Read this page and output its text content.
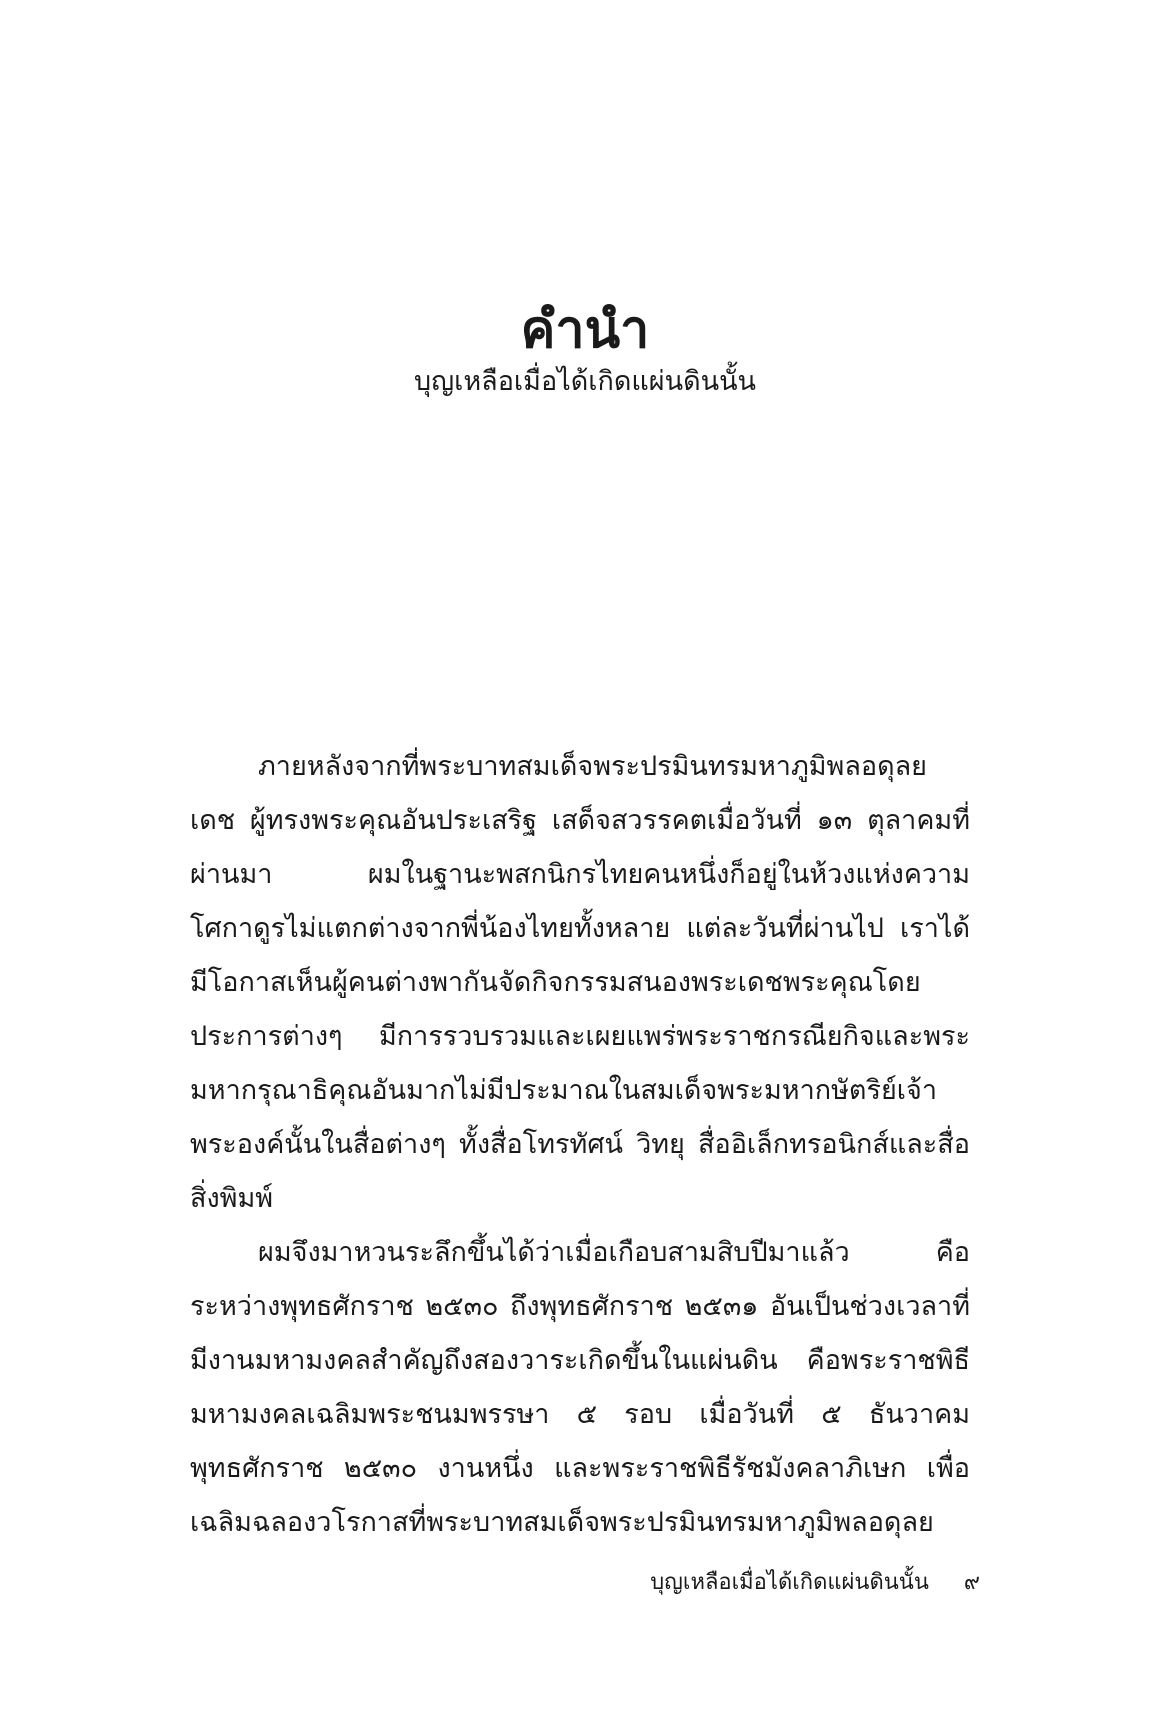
คำนำ
บุญเหลือเมื่อได้เกิดแผ่นดินนั้น

ภายหลังจากที่พระบาทสมเด็จพระปรมินทรมหาภูมิพลอดุลยเดช ผู้ทรงพระคุณอันประเสริฐ เสด็จสวรรคตเมื่อวันที่ ๑๓ ตุลาคมที่ผ่านมา ผมในฐานะพสกนิกรไทยคนหนึ่งก็อยู่ในห้วงแห่งความโศกาดูรไม่แตกต่างจากพี่น้องไทยทั้งหลาย แต่ละวันที่ผ่านไป เราได้มีโอกาสเห็นผู้คนต่างพากันจัดกิจกรรมสนองพระเดชพระคุณโดยประการต่างๆ มีการรวบรวมและเผยแพร่พระราชกรณียกิจและพระมหากรุณาธิคุณอันมากไม่มีประมาณในสมเด็จพระมหากษัตริย์เจ้าพระองค์นั้นในสื่อต่างๆ ทั้งสื่อโทรทัศน์ วิทยุ สื่ออิเล็กทรอนิกส์และสื่อสิ่งพิมพ์

ผมจึงมาหวนระลึกขึ้นได้ว่าเมื่อเกือบสามสิบปีมาแล้ว คือระหว่างพุทธศักราช ๒๕๓๐ ถึงพุทธศักราช ๒๕๓๑ อันเป็นช่วงเวลาที่มีงานมหามงคลสำคัญถึงสองวาระเกิดขึ้นในแผ่นดิน คือพระราชพิธีมหามงคลเฉลิมพระชนมพรรษา ๕ รอบ เมื่อวันที่ ๕ ธันวาคมพุทธศักราช ๒๕๓๐ งานหนึ่ง และพระราชพิธีรัชมังคลาภิเษก เพื่อเฉลิมฉลองวโรกาสที่พระบาทสมเด็จพระปรมินทรมหาภูมิพลอดุลย

บุญเหลือเมื่อได้เกิดแผ่นดินนั้น ๙
